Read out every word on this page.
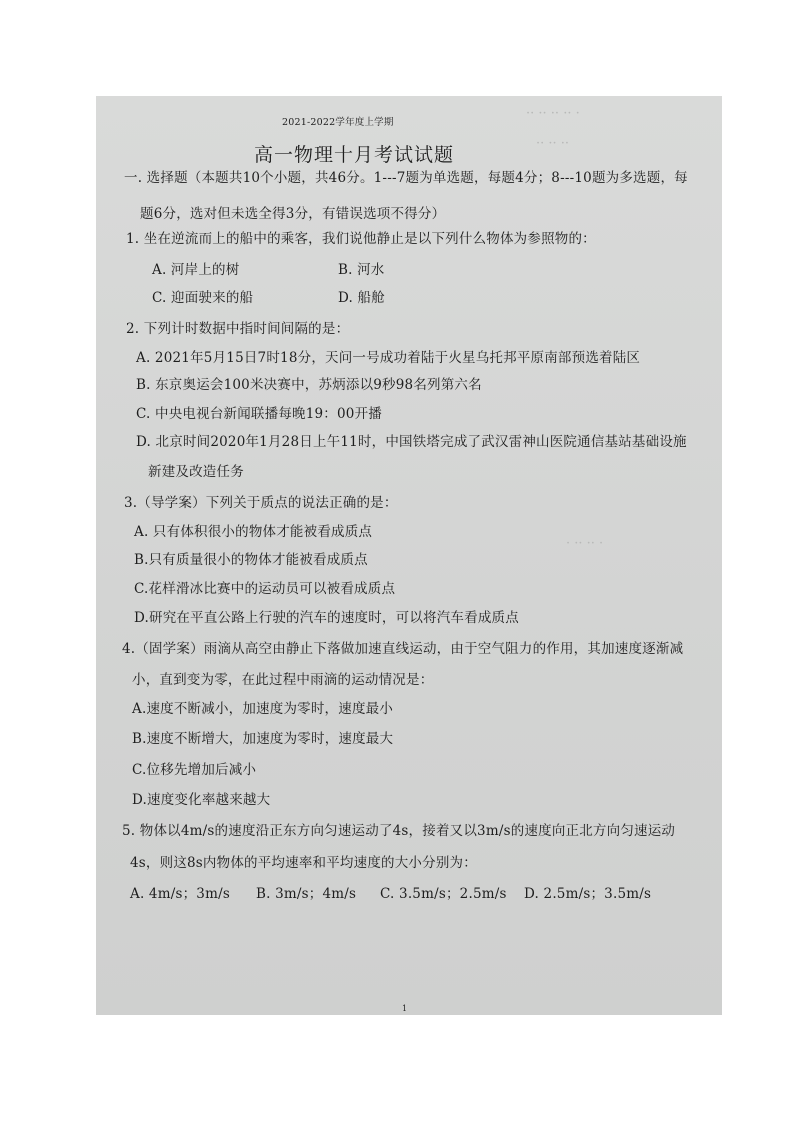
·· ·· ·· ·· ·
·· ·· ··
· ·· ·· ·
2021-2022学年度上学期
高一物理十月考试试题
一. 选择题（本题共10个小题，共46分。1---7题为单选题，每题4分；8---10题为多选题，每
题6分，选对但未选全得3分，有错误选项不得分）
1. 坐在逆流而上的船中的乘客，我们说他静止是以下列什么物体为参照物的：
A. 河岸上的树	B. 河水
C. 迎面驶来的船	D. 船舱
2. 下列计时数据中指时间间隔的是：
A. 2021年5月15日7时18分，天问一号成功着陆于火星乌托邦平原南部预选着陆区
B. 东京奥运会100米决赛中，苏炳添以9秒98名列第六名
C. 中央电视台新闻联播每晚19：00开播
D. 北京时间2020年1月28日上午11时，中国铁塔完成了武汉雷神山医院通信基站基础设施
新建及改造任务
3.（导学案）下列关于质点的说法正确的是：
A. 只有体积很小的物体才能被看成质点
B.只有质量很小的物体才能被看成质点
C.花样滑冰比赛中的运动员可以被看成质点
D.研究在平直公路上行驶的汽车的速度时，可以将汽车看成质点
4.（固学案）雨滴从高空由静止下落做加速直线运动，由于空气阻力的作用，其加速度逐渐减
小，直到变为零，在此过程中雨滴的运动情况是：
A.速度不断减小，加速度为零时，速度最小
B.速度不断增大，加速度为零时，速度最大
C.位移先增加后减小
D.速度变化率越来越大
5. 物体以4m/s的速度沿正东方向匀速运动了4s，接着又以3m/s的速度向正北方向匀速运动
4s，则这8s内物体的平均速率和平均速度的大小分别为：
A. 4m/s；3m/s B. 3m/s；4m/s C. 3.5m/s；2.5m/s D. 2.5m/s；3.5m/s
1
